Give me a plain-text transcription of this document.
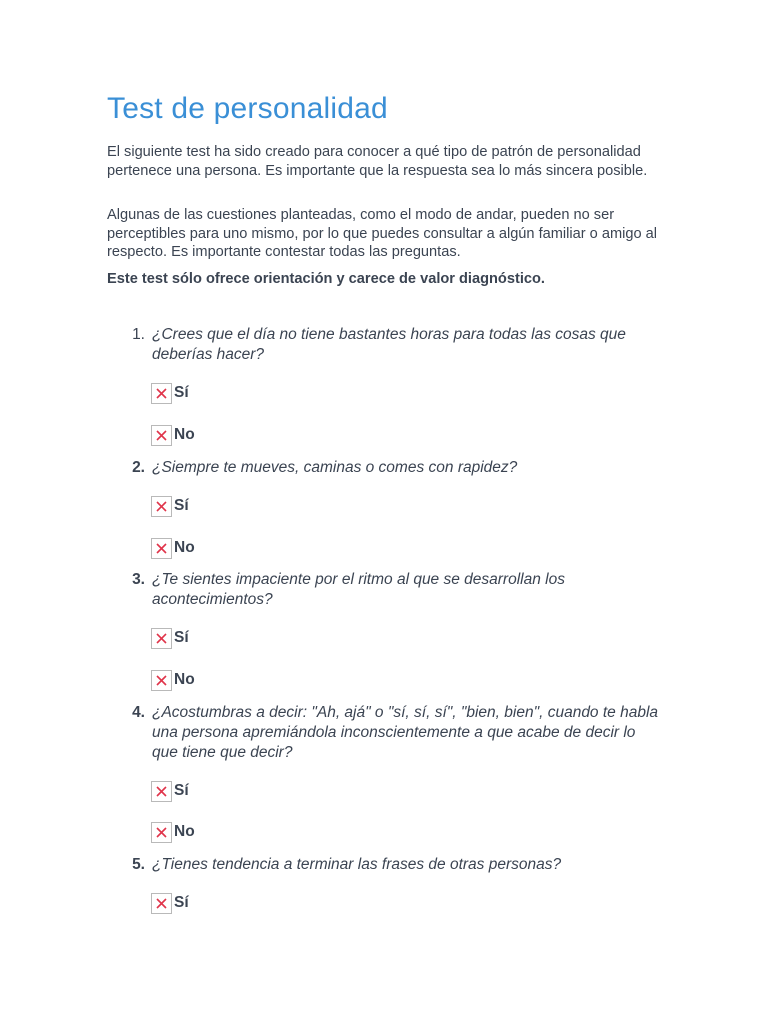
Test de personalidad

El siguiente test ha sido creado para conocer a qué tipo de patrón de personalidad pertenece una persona. Es importante que la respuesta sea lo más sincera posible.

Algunas de las cuestiones planteadas, como el modo de andar, pueden no ser perceptibles para uno mismo, por lo que puedes consultar a algún familiar o amigo al respecto. Es importante contestar todas las preguntas.

Este test sólo ofrece orientación y carece de valor diagnóstico.

1. ¿Crees que el día no tiene bastantes horas para todas las cosas que deberías hacer?

Sí
No
2. ¿Siempre te mueves, caminas o comes con rapidez?

Sí
No
3. ¿Te sientes impaciente por el ritmo al que se desarrollan los acontecimientos?

Sí
No
4. ¿Acostumbras a decir: "Ah, ajá" o "sí, sí, sí", "bien, bien", cuando te habla una persona apremiándola inconscientemente a que acabe de decir lo que tiene que decir?

Sí
No
5. ¿Tienes tendencia a terminar las frases de otras personas?

Sí
